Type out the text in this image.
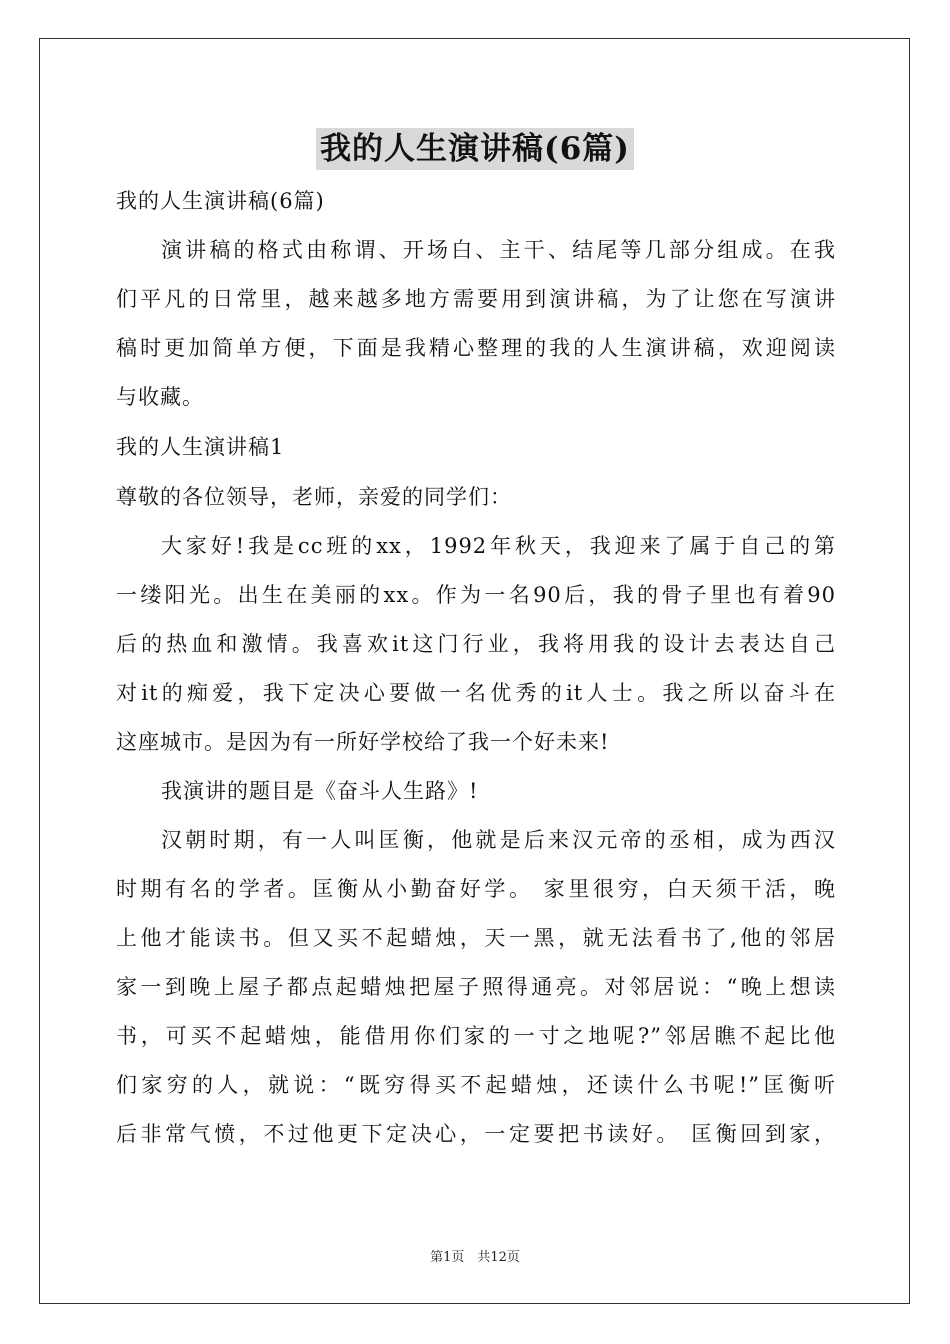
我的人生演讲稿(6篇)
我的人生演讲稿(6篇)
演讲稿的格式由称谓、开场白、主干、结尾等几部分组成。在我
们平凡的日常里，越来越多地方需要用到演讲稿，为了让您在写演讲
稿时更加简单方便，下面是我精心整理的我的人生演讲稿，欢迎阅读
与收藏。
我的人生演讲稿1
尊敬的各位领导，老师，亲爱的同学们：
大家好!我是cc班的xx，1992年秋天，我迎来了属于自己的第
一缕阳光。出生在美丽的xx。作为一名90后，我的骨子里也有着90
后的热血和激情。我喜欢it这门行业，我将用我的设计去表达自己
对it的痴爱，我下定决心要做一名优秀的it人士。我之所以奋斗在
这座城市。是因为有一所好学校给了我一个好未来!
我演讲的题目是《奋斗人生路》!
汉朝时期，有一人叫匡衡，他就是后来汉元帝的丞相，成为西汉
时期有名的学者。匡衡从小勤奋好学。 家里很穷，白天须干活，晚
上他才能读书。但又买不起蜡烛，天一黑，就无法看书了,他的邻居
家一到晚上屋子都点起蜡烛把屋子照得通亮。对邻居说：“晚上想读
书，可买不起蜡烛，能借用你们家的一寸之地呢?”邻居瞧不起比他
们家穷的人，就说：“既穷得买不起蜡烛，还读什么书呢!”匡衡听
后非常气愤，不过他更下定决心，一定要把书读好。 匡衡回到家，
第1页　共12页
